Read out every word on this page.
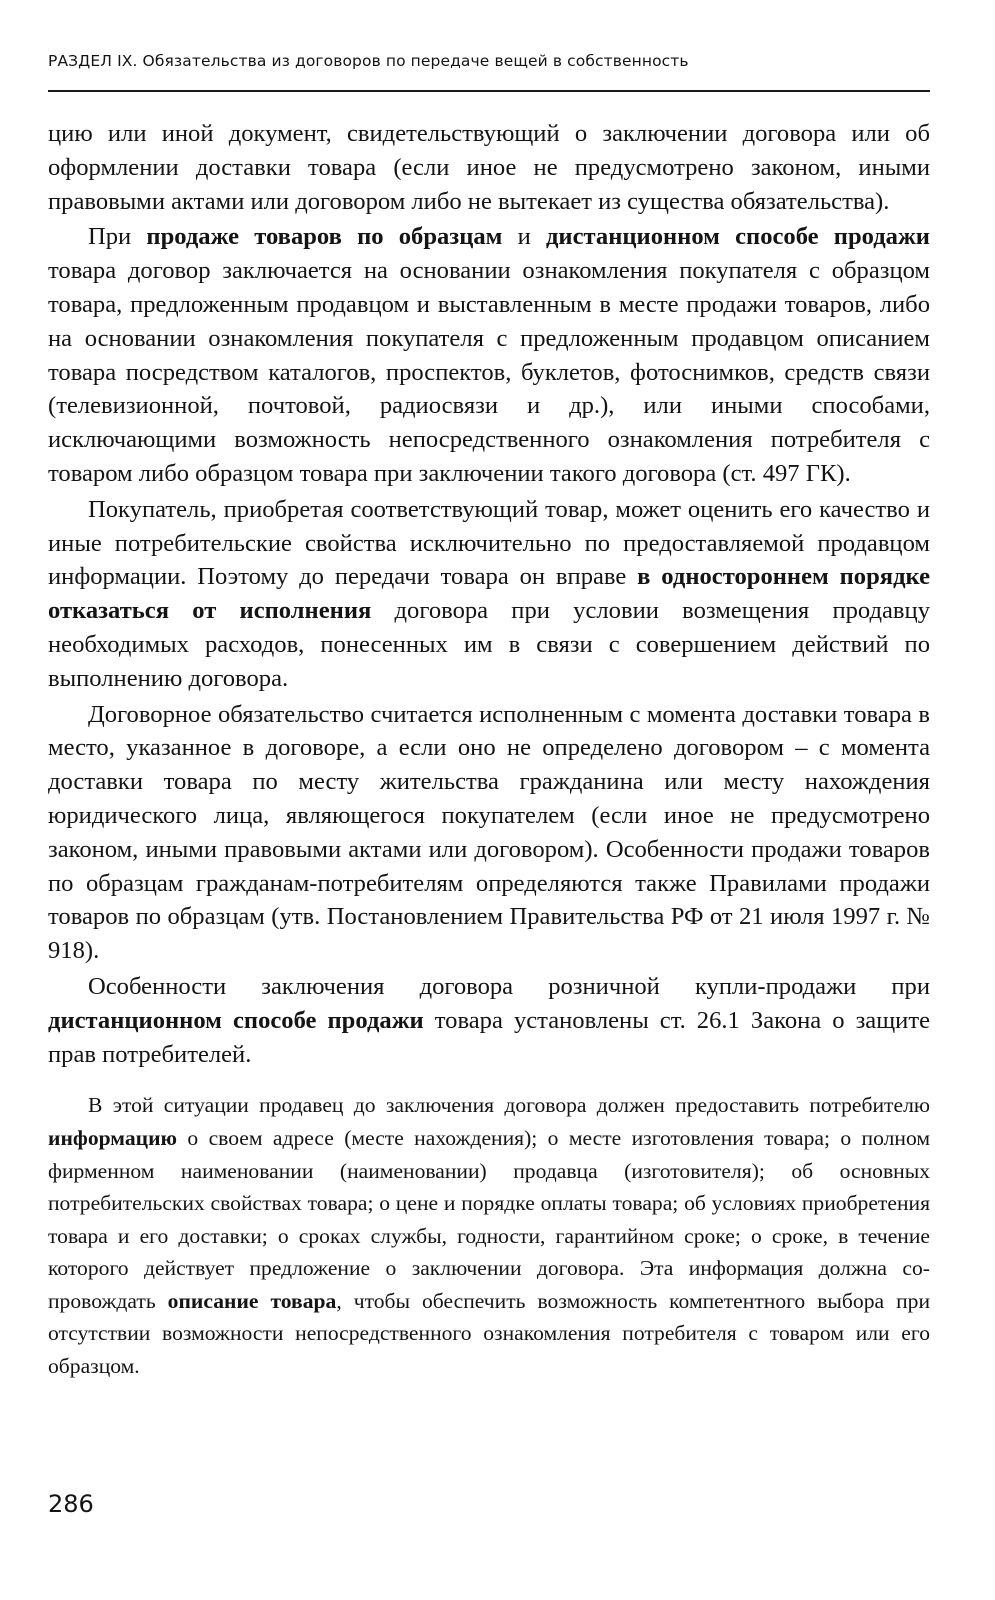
РАЗДЕЛ IX. Обязательства из договоров по передаче вещей в собственность

цию или иной документ, свидетельствующий о заключении договора или об оформлении доставки товара (если иное не предусмотрено законом, иными правовыми актами или договором либо не вытекает из существа обязательства).

При продаже товаров по образцам и дистанционном способе продажи товара договор заключается на основании ознакомления покупателя с образцом товара, предложенным продавцом и выставленным в месте продажи товаров, либо на основании ознакомления покупателя с предложенным продавцом описанием товара посредством каталогов, проспектов, буклетов, фотоснимков, средств связи (телевизионной, почтовой, радиосвязи и др.), или иными способами, исключающими возможность непосредственного ознакомления потребителя с товаром либо образцом товара при заключении такого договора (ст. 497 ГК).

Покупатель, приобретая соответствующий товар, может оценить его качество и иные потребительские свойства исключительно по предоставляемой продавцом информации. Поэтому до передачи товара он вправе в одностороннем порядке отказаться от исполнения договора при условии возмещения продавцу необходимых расходов, понесенных им в связи с совершением действий по выполнению договора.

Договорное обязательство считается исполненным с момента доставки товара в место, указанное в договоре, а если оно не определено договором – с момента доставки товара по месту жительства гражданина или месту нахождения юридического лица, являющегося покупателем (если иное не предусмотрено законом, иными правовыми актами или договором). Особенности продажи товаров по образцам гражданам-потребителям определяются также Правилами продажи товаров по образцам (утв. Постановлением Правительства РФ от 21 июля 1997 г. № 918).

Особенности заключения договора розничной купли-продажи при дистанционном способе продажи товара установлены ст. 26.1 Закона о защите прав потребителей.

В этой ситуации продавец до заключения договора должен предоставить потребителю информацию о своем адресе (месте нахождения); о месте изготовления товара; о полном фирменном наименовании (наименовании) продавца (изготовителя); об основных потребительских свойствах товара; о цене и порядке оплаты товара; об условиях приобретения товара и его доставки; о сроках службы, годности, гарантийном сроке; о сроке, в течение которого действует предложение о заключении договора. Эта информация должна сопровождать описание товара, чтобы обеспечить возможность компетентного выбора при отсутствии возможности непосредственного ознакомления потребителя с товаром или его образцом.

286
